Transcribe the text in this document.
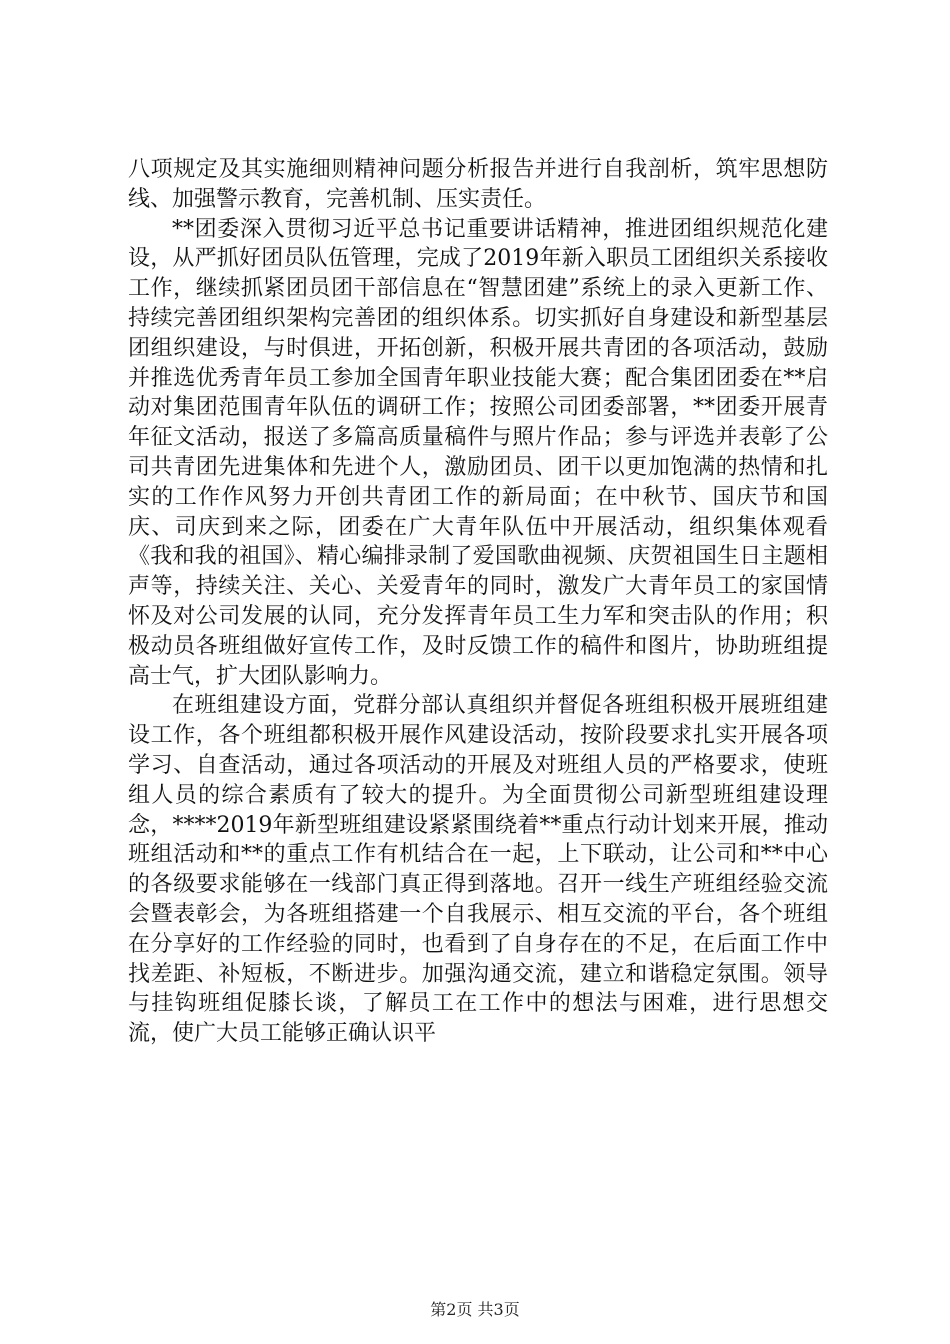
八项规定及其实施细则精神问题分析报告并进行自我剖析，筑牢思想防线、加强警示教育，完善机制、压实责任。

**团委深入贯彻习近平总书记重要讲话精神，推进团组织规范化建设，从严抓好团员队伍管理，完成了2019年新入职员工团组织关系接收工作，继续抓紧团员团干部信息在“智慧团建”系统上的录入更新工作、持续完善团组织架构完善团的组织体系。切实抓好自身建设和新型基层团组织建设，与时俱进，开拓创新，积极开展共青团的各项活动，鼓励并推选优秀青年员工参加全国青年职业技能大赛；配合集团团委在**启动对集团范围青年队伍的调研工作；按照公司团委部署，**团委开展青年征文活动，报送了多篇高质量稿件与照片作品；参与评选并表彰了公司共青团先进集体和先进个人，激励团员、团干以更加饱满的热情和扎实的工作作风努力开创共青团工作的新局面；在中秋节、国庆节和国庆、司庆到来之际，团委在广大青年队伍中开展活动，组织集体观看《我和我的祖国》、精心编排录制了爱国歌曲视频、庆贺祖国生日主题相声等，持续关注、关心、关爱青年的同时，激发广大青年员工的家国情怀及对公司发展的认同，充分发挥青年员工生力军和突击队的作用；积极动员各班组做好宣传工作，及时反馈工作的稿件和图片，协助班组提高士气，扩大团队影响力。

在班组建设方面，党群分部认真组织并督促各班组积极开展班组建设工作，各个班组都积极开展作风建设活动，按阶段要求扎实开展各项学习、自查活动，通过各项活动的开展及对班组人员的严格要求，使班组人员的综合素质有了较大的提升。为全面贯彻公司新型班组建设理念，****2019年新型班组建设紧紧围绕着**重点行动计划来开展，推动班组活动和**的重点工作有机结合在一起，上下联动，让公司和**中心的各级要求能够在一线部门真正得到落地。召开一线生产班组经验交流会暨表彰会，为各班组搭建一个自我展示、相互交流的平台，各个班组在分享好的工作经验的同时，也看到了自身存在的不足，在后面工作中找差距、补短板，不断进步。加强沟通交流，建立和谐稳定氛围。领导与挂钩班组促膝长谈，了解员工在工作中的想法与困难，进行思想交流，使广大员工能够正确认识平

第2页 共3页
